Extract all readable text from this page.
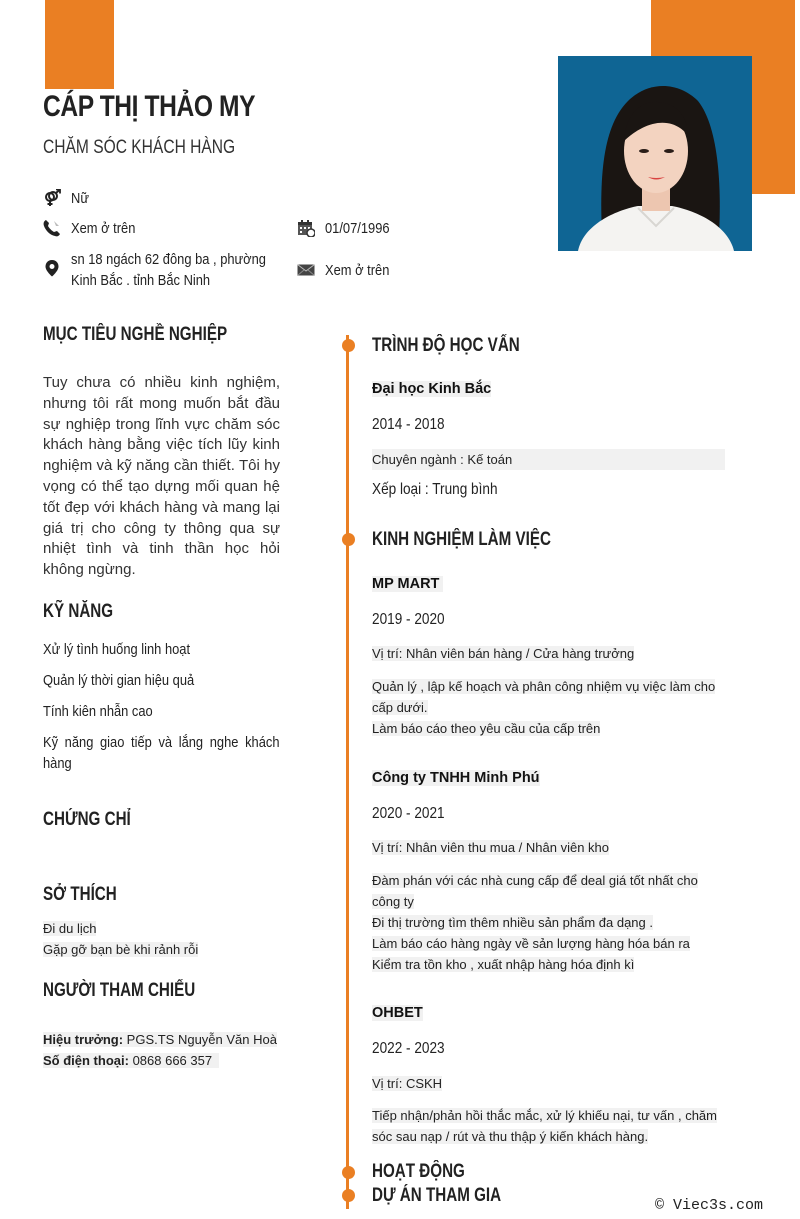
CÁP THỊ THẢO MY
CHĂM SÓC KHÁCH HÀNG
Nữ
Xem ở trên	01/07/1996
sn 18 ngách 62 đông ba , phường
Kinh Bắc . tỉnh Bắc Ninh
Xem ở trên
MỤC TIÊU NGHỀ NGHIỆP
Tuy chưa có nhiều kinh nghiệm, nhưng tôi rất mong muốn bắt đầu sự nghiệp trong lĩnh vực chăm sóc khách hàng bằng việc tích lũy kinh nghiệm và kỹ năng cần thiết. Tôi hy vọng có thể tạo dựng mối quan hệ tốt đẹp với khách hàng và mang lại giá trị cho công ty thông qua sự nhiệt tình và tinh thần học hỏi không ngừng.
KỸ NĂNG
Xử lý tình huống linh hoạt
Quản lý thời gian hiệu quả
Tính kiên nhẫn cao
Kỹ năng giao tiếp và lắng nghe khách hàng
CHỨNG CHỈ
SỞ THÍCH
Đi du lịch
Gặp gỡ bạn bè khi rảnh rỗi
NGƯỜI THAM CHIẾU
Hiệu trưởng: PGS.TS Nguyễn Văn Hoà
Số điện thoại: 0868 666 357
TRÌNH ĐỘ HỌC VẤN
Đại học Kinh Bắc
2014 - 2018
Chuyên ngành : Kế toán
Xếp loại : Trung bình
KINH NGHIỆM LÀM VIỆC
MP MART
2019 - 2020
Vị trí: Nhân viên bán hàng / Cửa hàng trưởng
Quản lý , lập kế hoạch và phân công nhiệm vụ việc làm cho cấp dưới.
Làm báo cáo theo yêu cầu của cấp trên
Công ty TNHH Minh Phú
2020 - 2021
Vị trí: Nhân viên thu mua / Nhân viên kho
Đàm phán với các nhà cung cấp để deal giá tốt nhất cho công ty
Đi thị trường tìm thêm nhiều sản phẩm đa dạng .
Làm báo cáo hàng ngày về sản lượng hàng hóa bán ra
Kiểm tra tồn kho , xuất nhập hàng hóa định kì
OHBET
2022 - 2023
Vị trí: CSKH
Tiếp nhận/phản hồi thắc mắc, xử lý khiếu nại, tư vấn , chăm sóc sau nạp / rút và thu thập ý kiến khách hàng.
HOẠT ĐỘNG
DỰ ÁN THAM GIA	© Viec3s.com
